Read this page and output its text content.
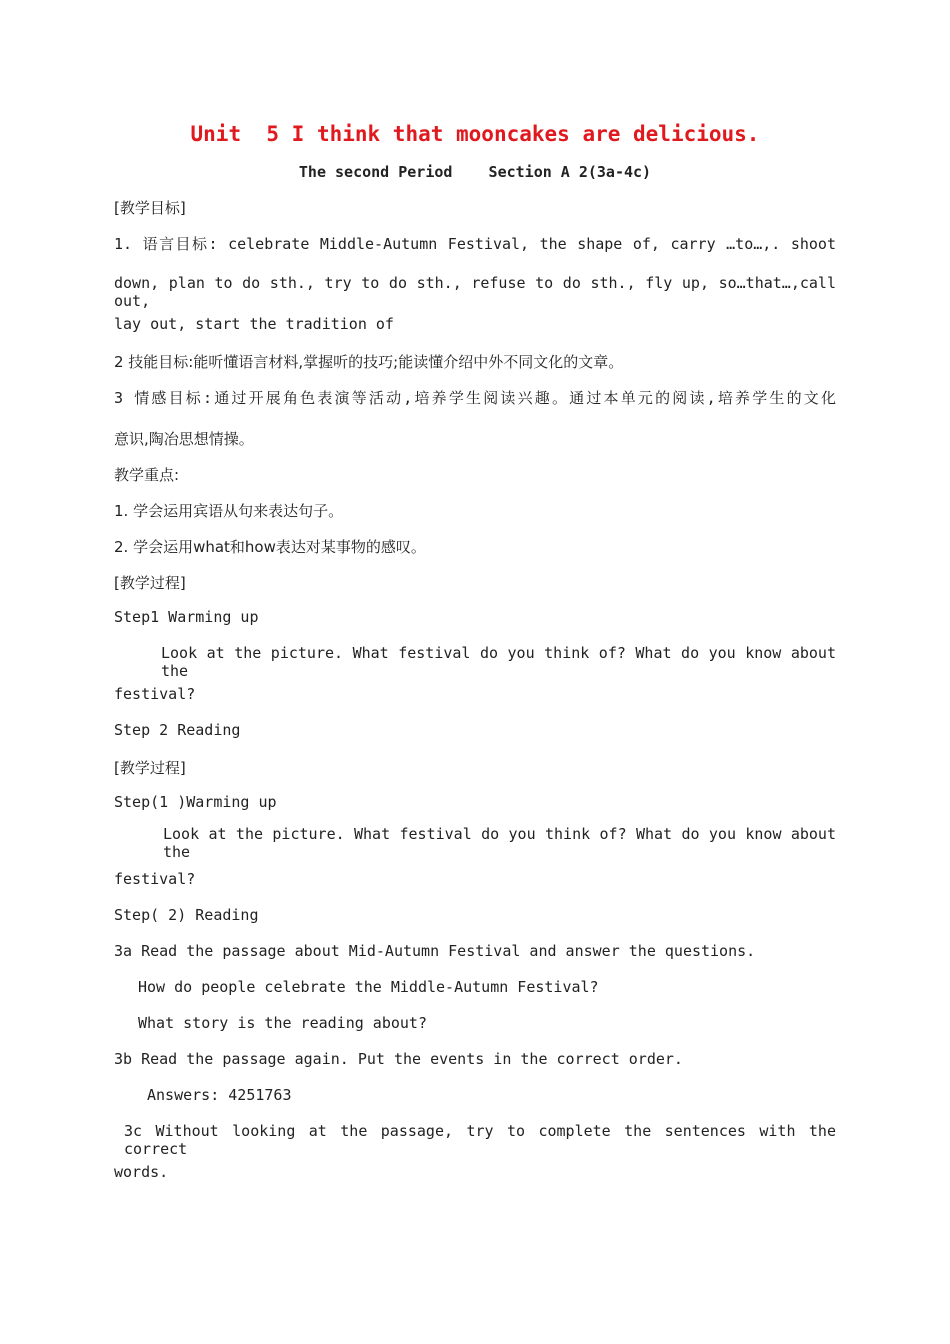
Unit  5 I think that mooncakes are delicious.
The second Period    Section A 2(3a-4c)
[教学目标]
1. 语言目标: celebrate Middle-Autumn Festival, the shape of, carry …to…,. shoot
down, plan to do sth., try to do sth., refuse to do sth., fly up, so…that…,call out,
lay out, start the tradition of
2 技能目标:能听懂语言材料,掌握听的技巧;能读懂介绍中外不同文化的文章。
3 情感目标:通过开展角色表演等活动,培养学生阅读兴趣。通过本单元的阅读,培养学生的文化
意识,陶冶思想情操。
教学重点:
1. 学会运用宾语从句来表达句子。
2. 学会运用what和how表达对某事物的感叹。
[教学过程]
Step1 Warming up
Look at the picture. What festival do you think of? What do you know about the
festival?
Step 2 Reading
[教学过程]
Step(1 )Warming up
Look at the picture. What festival do you think of? What do you know about the
festival?
Step( 2) Reading
3a Read the passage about Mid-Autumn Festival and answer the questions.
How do people celebrate the Middle-Autumn Festival?
What story is the reading about?
3b Read the passage again. Put the events in the correct order.
Answers: 4251763
3c Without looking at the passage, try to complete the sentences with the correct
words.
